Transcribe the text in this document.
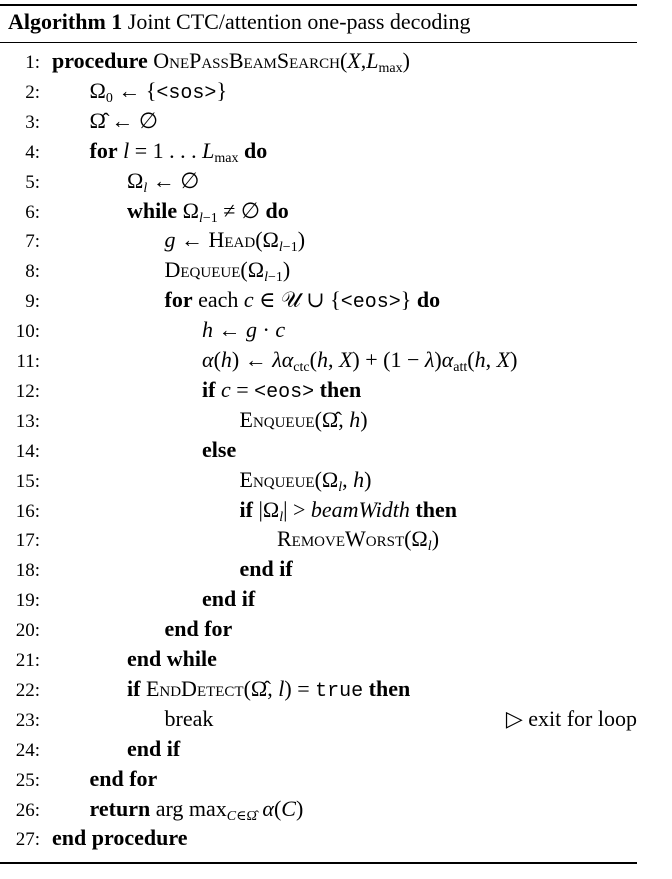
Algorithm 1 Joint CTC/attention one-pass decoding
1: procedure $OnePassBeamSearch(X,L_{max})$
2: $\Omega_0$ ← {<sos>}
3: Ω̂ ← ∅
4: for l = 1 . . . $L_{max}$ do
5:	$\Omega_l$ ← ∅
6:	while $\Omega_{l-1}$ ≠ ∅ do
7:	g ← $Head(\Omega_{l-1})$
8:	$Dequeue(\Omega_{l-1})$
9:	for each c ∈ 𝒰 ∪ {<eos>} do
10:	h ← g · c
11:	α(h) ← $\lambda\alpha_{ctc}(h$, $X) + (1 - \lambda)\alpha_{att}(h$, X)
12:	if c = <eos> then
13:	Enqueue(Ω̂, h)
14:	else
15:	$Enqueue(\Omega_l$, h)
16:	if $|\Omega_l|$ > beamWidth then
17:	$RemoveWorst(\Omega_l)$
18:	end if
19:	end if
20:	end for
21:	end while
22:	if EndDetect(Ω̂, l) = true then
23:	break	▷ exit for loop
24:	end if
25: end for
26: return arg $\max_{C\in\Omegâ} \alpha(C)$
27: end procedure
